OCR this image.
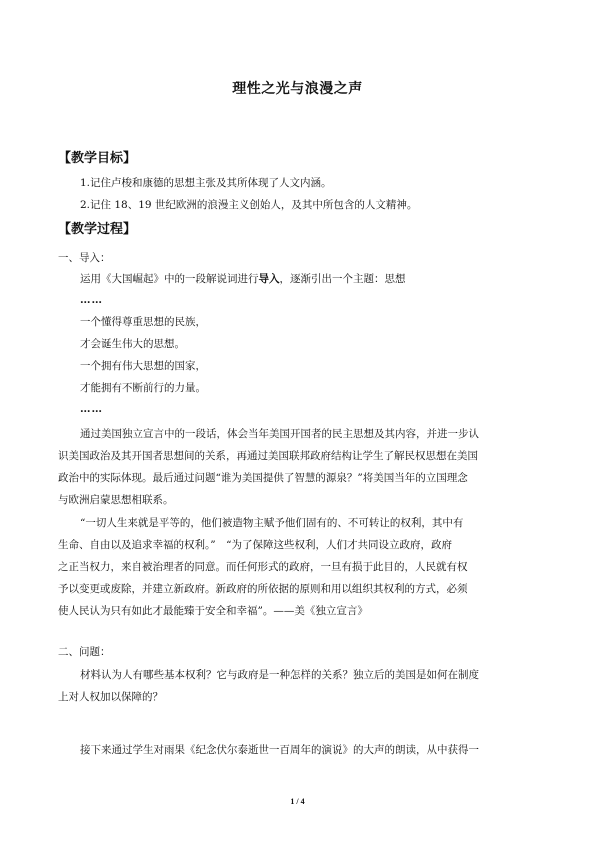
理性之光与浪漫之声
【教学目标】
1.记住卢梭和康德的思想主张及其所体现了人文内涵。
2.记住 18、19 世纪欧洲的浪漫主义创始人，及其中所包含的人文精神。
【教学过程】
一、导入：
运用《大国崛起》中的一段解说词进行导入，逐渐引出一个主题：思想
……
一个懂得尊重思想的民族，
才会诞生伟大的思想。
一个拥有伟大思想的国家，
才能拥有不断前行的力量。
……
通过美国独立宣言中的一段话，体会当年美国开国者的民主思想及其内容，并进一步认
识美国政治及其开国者思想间的关系，再通过美国联邦政府结构让学生了解民权思想在美国
政治中的实际体现。最后通过问题“谁为美国提供了智慧的源泉？”将美国当年的立国理念
与欧洲启蒙思想相联系。
“一切人生来就是平等的，他们被造物主赋予他们固有的、不可转让的权利，其中有
生命、自由以及追求幸福的权利。”　“为了保障这些权利，人们才共同设立政府，政府
之正当权力，来自被治理者的同意。而任何形式的政府，一旦有损于此目的，人民就有权
予以变更或废除，并建立新政府。新政府的所依据的原则和用以组织其权利的方式，必须
使人民认为只有如此才最能臻于安全和幸福”。——美《独立宣言》
二、问题：
材料认为人有哪些基本权利？它与政府是一种怎样的关系？独立后的美国是如何在制度
上对人权加以保障的？
接下来通过学生对雨果《纪念伏尔泰逝世一百周年的演说》的大声的朗读，从中获得一
1 / 4
